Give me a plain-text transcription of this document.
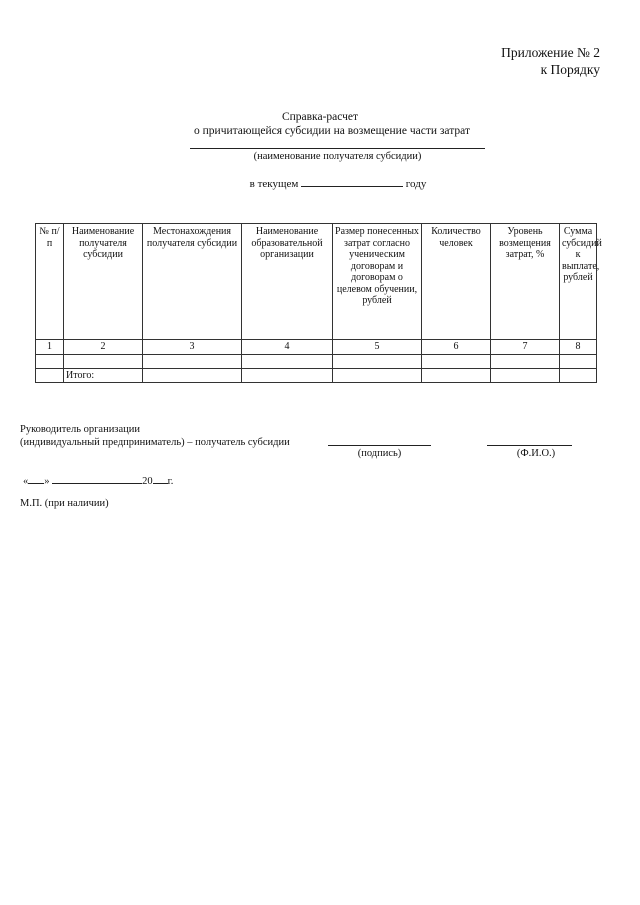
Приложение № 2
к Порядку
Справка-расчет
о причитающейся субсидии на возмещение части затрат
(наименование получателя субсидии)
в текущем	году
№ п/п	Наименование получателя субсидии	Местонахождения получателя субсидии	Наименование образовательной организации	Размер понесенных затрат согласно ученическим договорам и договорам о целевом обучении, рублей	Количество человек	Уровень возмещения затрат, %	Сумма субсидий к выплате, рублей
1	2	3	4	5	6	7	8

	Итого:						
Руководитель организации
(индивидуальный предприниматель) – получатель субсидии
(подпись)	(Ф.И.О.)
« »	20 г.
М.П. (при наличии)
